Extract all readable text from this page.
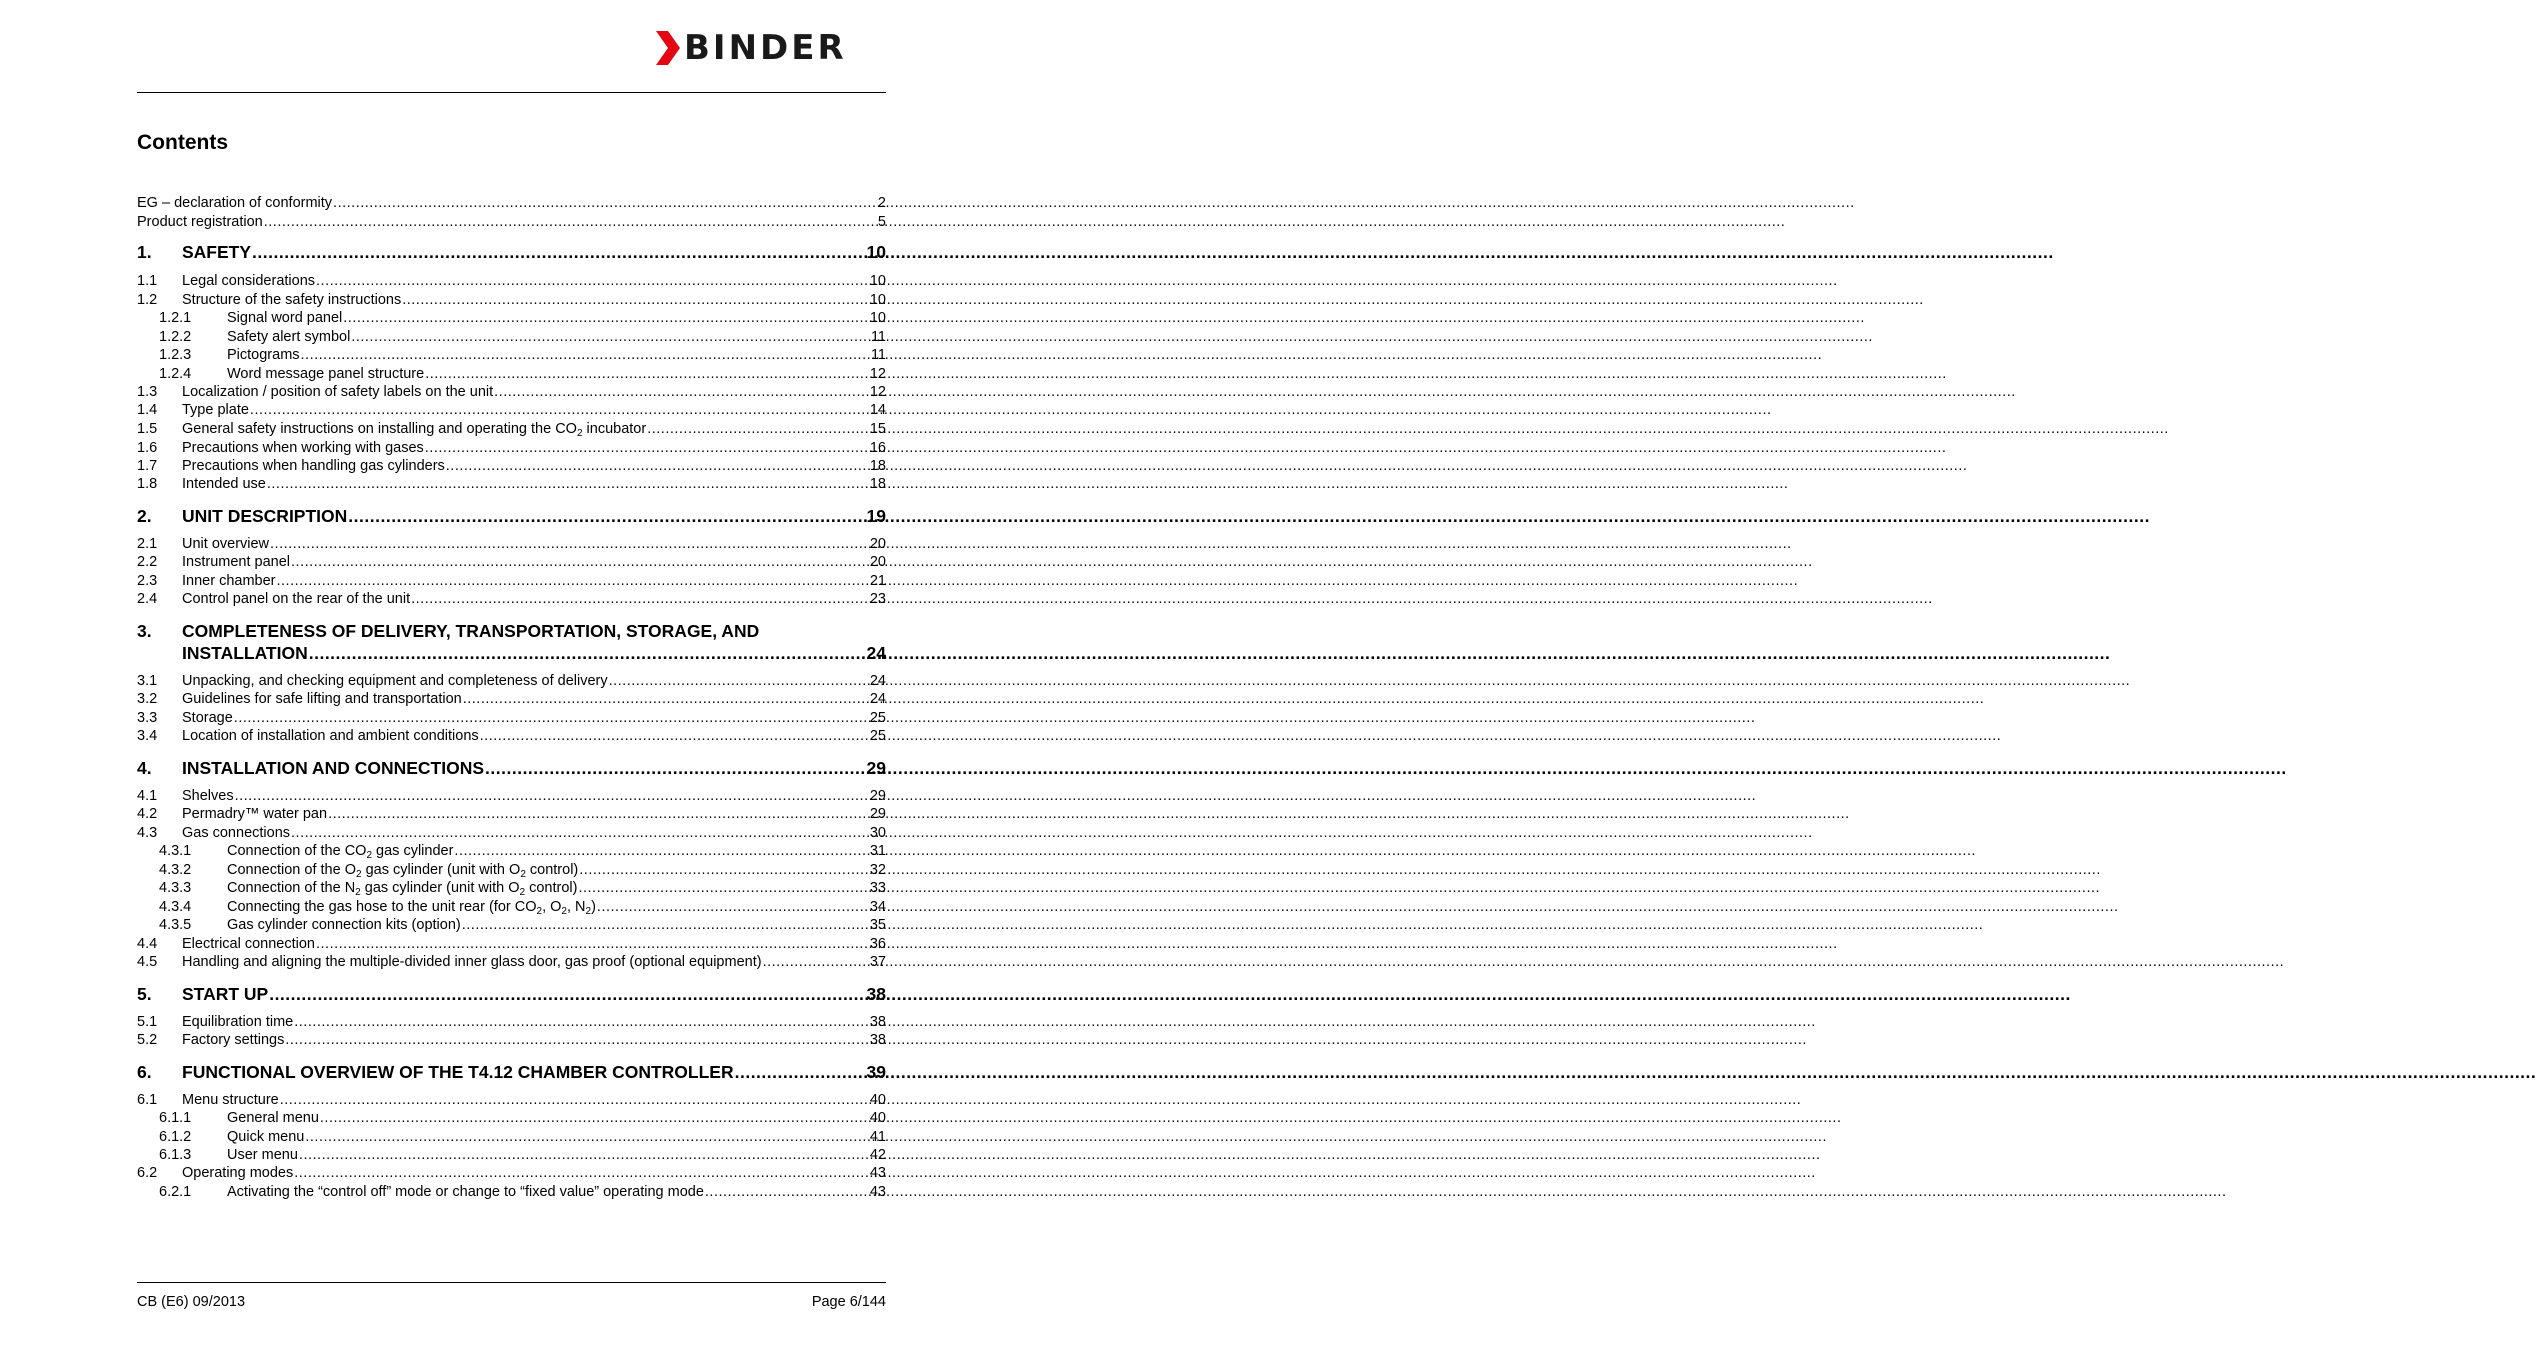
BINDER
Contents
EG – declaration of conformity .....	2
Product registration .....	5
1.	SAFETY .....	10
1.1	Legal considerations .....	10
1.2	Structure of the safety instructions .....	10
1.2.1	Signal word panel .....	10
1.2.2	Safety alert symbol .....	11
1.2.3	Pictograms .....	11
1.2.4	Word message panel structure .....	12
1.3	Localization / position of safety labels on the unit .....	12
1.4	Type plate .....	14
1.5	General safety instructions on installing and operating the $CO_2$ incubator .....	15
1.6	Precautions when working with gases .....	16
1.7	Precautions when handling gas cylinders .....	18
1.8	Intended use .....	18
2.	UNIT DESCRIPTION .....	19
2.1	Unit overview .....	20
2.2	Instrument panel .....	20
2.3	Inner chamber .....	21
2.4	Control panel on the rear of the unit .....	23
3. COMPLETENESS OF DELIVERY, TRANSPORTATION, STORAGE, AND
INSTALLATION .....	24
3.1	Unpacking, and checking equipment and completeness of delivery .....	24
3.2	Guidelines for safe lifting and transportation .....	24
3.3	Storage .....	25
3.4	Location of installation and ambient conditions .....	25
4.	INSTALLATION AND CONNECTIONS .....	29
4.1	Shelves .....	29
4.2	Permadry™ water pan .....	29
4.3	Gas connections .....	30
4.3.1	Connection of the $CO_2$ gas cylinder .....	31
4.3.2	Connection of the $O_2$ gas cylinder (unit with $O_2$ control) .....	32
4.3.3	Connection of the $N_2$ gas cylinder (unit with $O_2$ control) .....	33
4.3.4	Connecting the gas hose to the unit rear (for $CO_2$, $O_2$, $N_2$) .....	34
4.3.5	Gas cylinder connection kits (option) .....	35
4.4	Electrical connection .....	36
4.5	Handling and aligning the multiple-divided inner glass door, gas proof (optional equipment) .....	37
5.	START UP .....	38
5.1	Equilibration time .....	38
5.2	Factory settings .....	38
6.	FUNCTIONAL OVERVIEW OF THE T4.12 CHAMBER CONTROLLER .....	39
6.1	Menu structure .....	40
6.1.1	General menu .....	40
6.1.2	Quick menu .....	41
6.1.3	User menu .....	42
6.2	Operating modes .....	43
6.2.1	Activating the “control off” mode or change to “fixed value” operating mode .....	43
CB (E6) 09/2013	Page 6/144
